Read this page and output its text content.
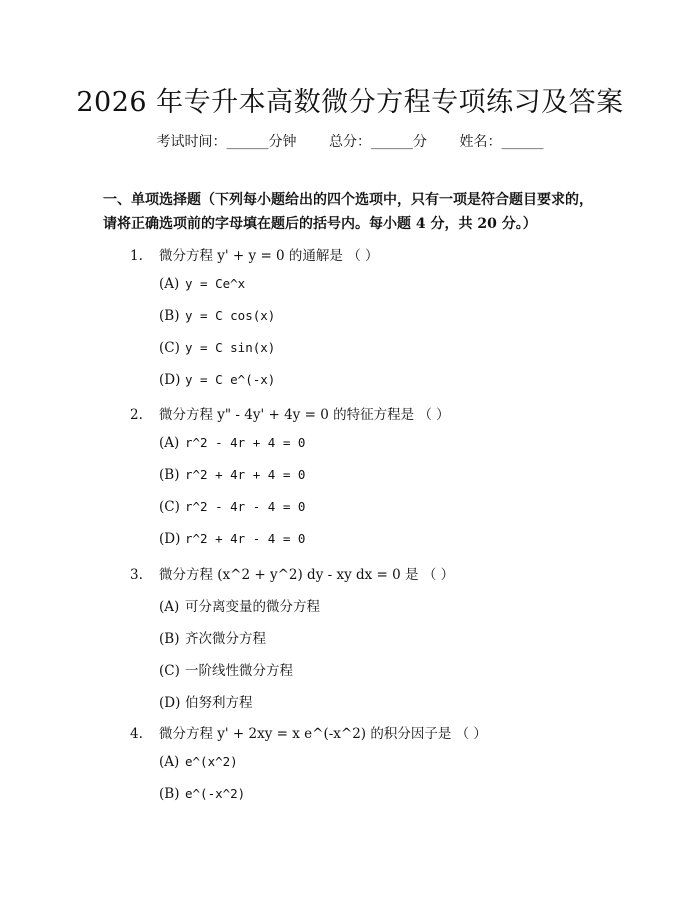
2026 年专升本高数微分方程专项练习及答案
考试时间：______分钟 总分：______分 姓名：______
一、单项选择题（下列每小题给出的四个选项中，只有一项是符合题目要求的，
请将正确选项前的字母填在题后的括号内。每小题 4 分，共 20 分。）
1. 微分方程 y' + y = 0 的通解是 （ ）
(A) y = Ce^x
(B) y = C cos(x)
(C) y = C sin(x)
(D) y = C e^(-x)
2. 微分方程 y" - 4y' + 4y = 0 的特征方程是 （ ）
(A) r^2 - 4r + 4 = 0
(B) r^2 + 4r + 4 = 0
(C) r^2 - 4r - 4 = 0
(D) r^2 + 4r - 4 = 0
3. 微分方程 (x^2 + y^2) dy - xy dx = 0 是 （ ）
(A) 可分离变量的微分方程
(B) 齐次微分方程
(C) 一阶线性微分方程
(D) 伯努利方程
4. 微分方程 y' + 2xy = x e^(-x^2) 的积分因子是 （ ）
(A) e^(x^2)
(B) e^(-x^2)
